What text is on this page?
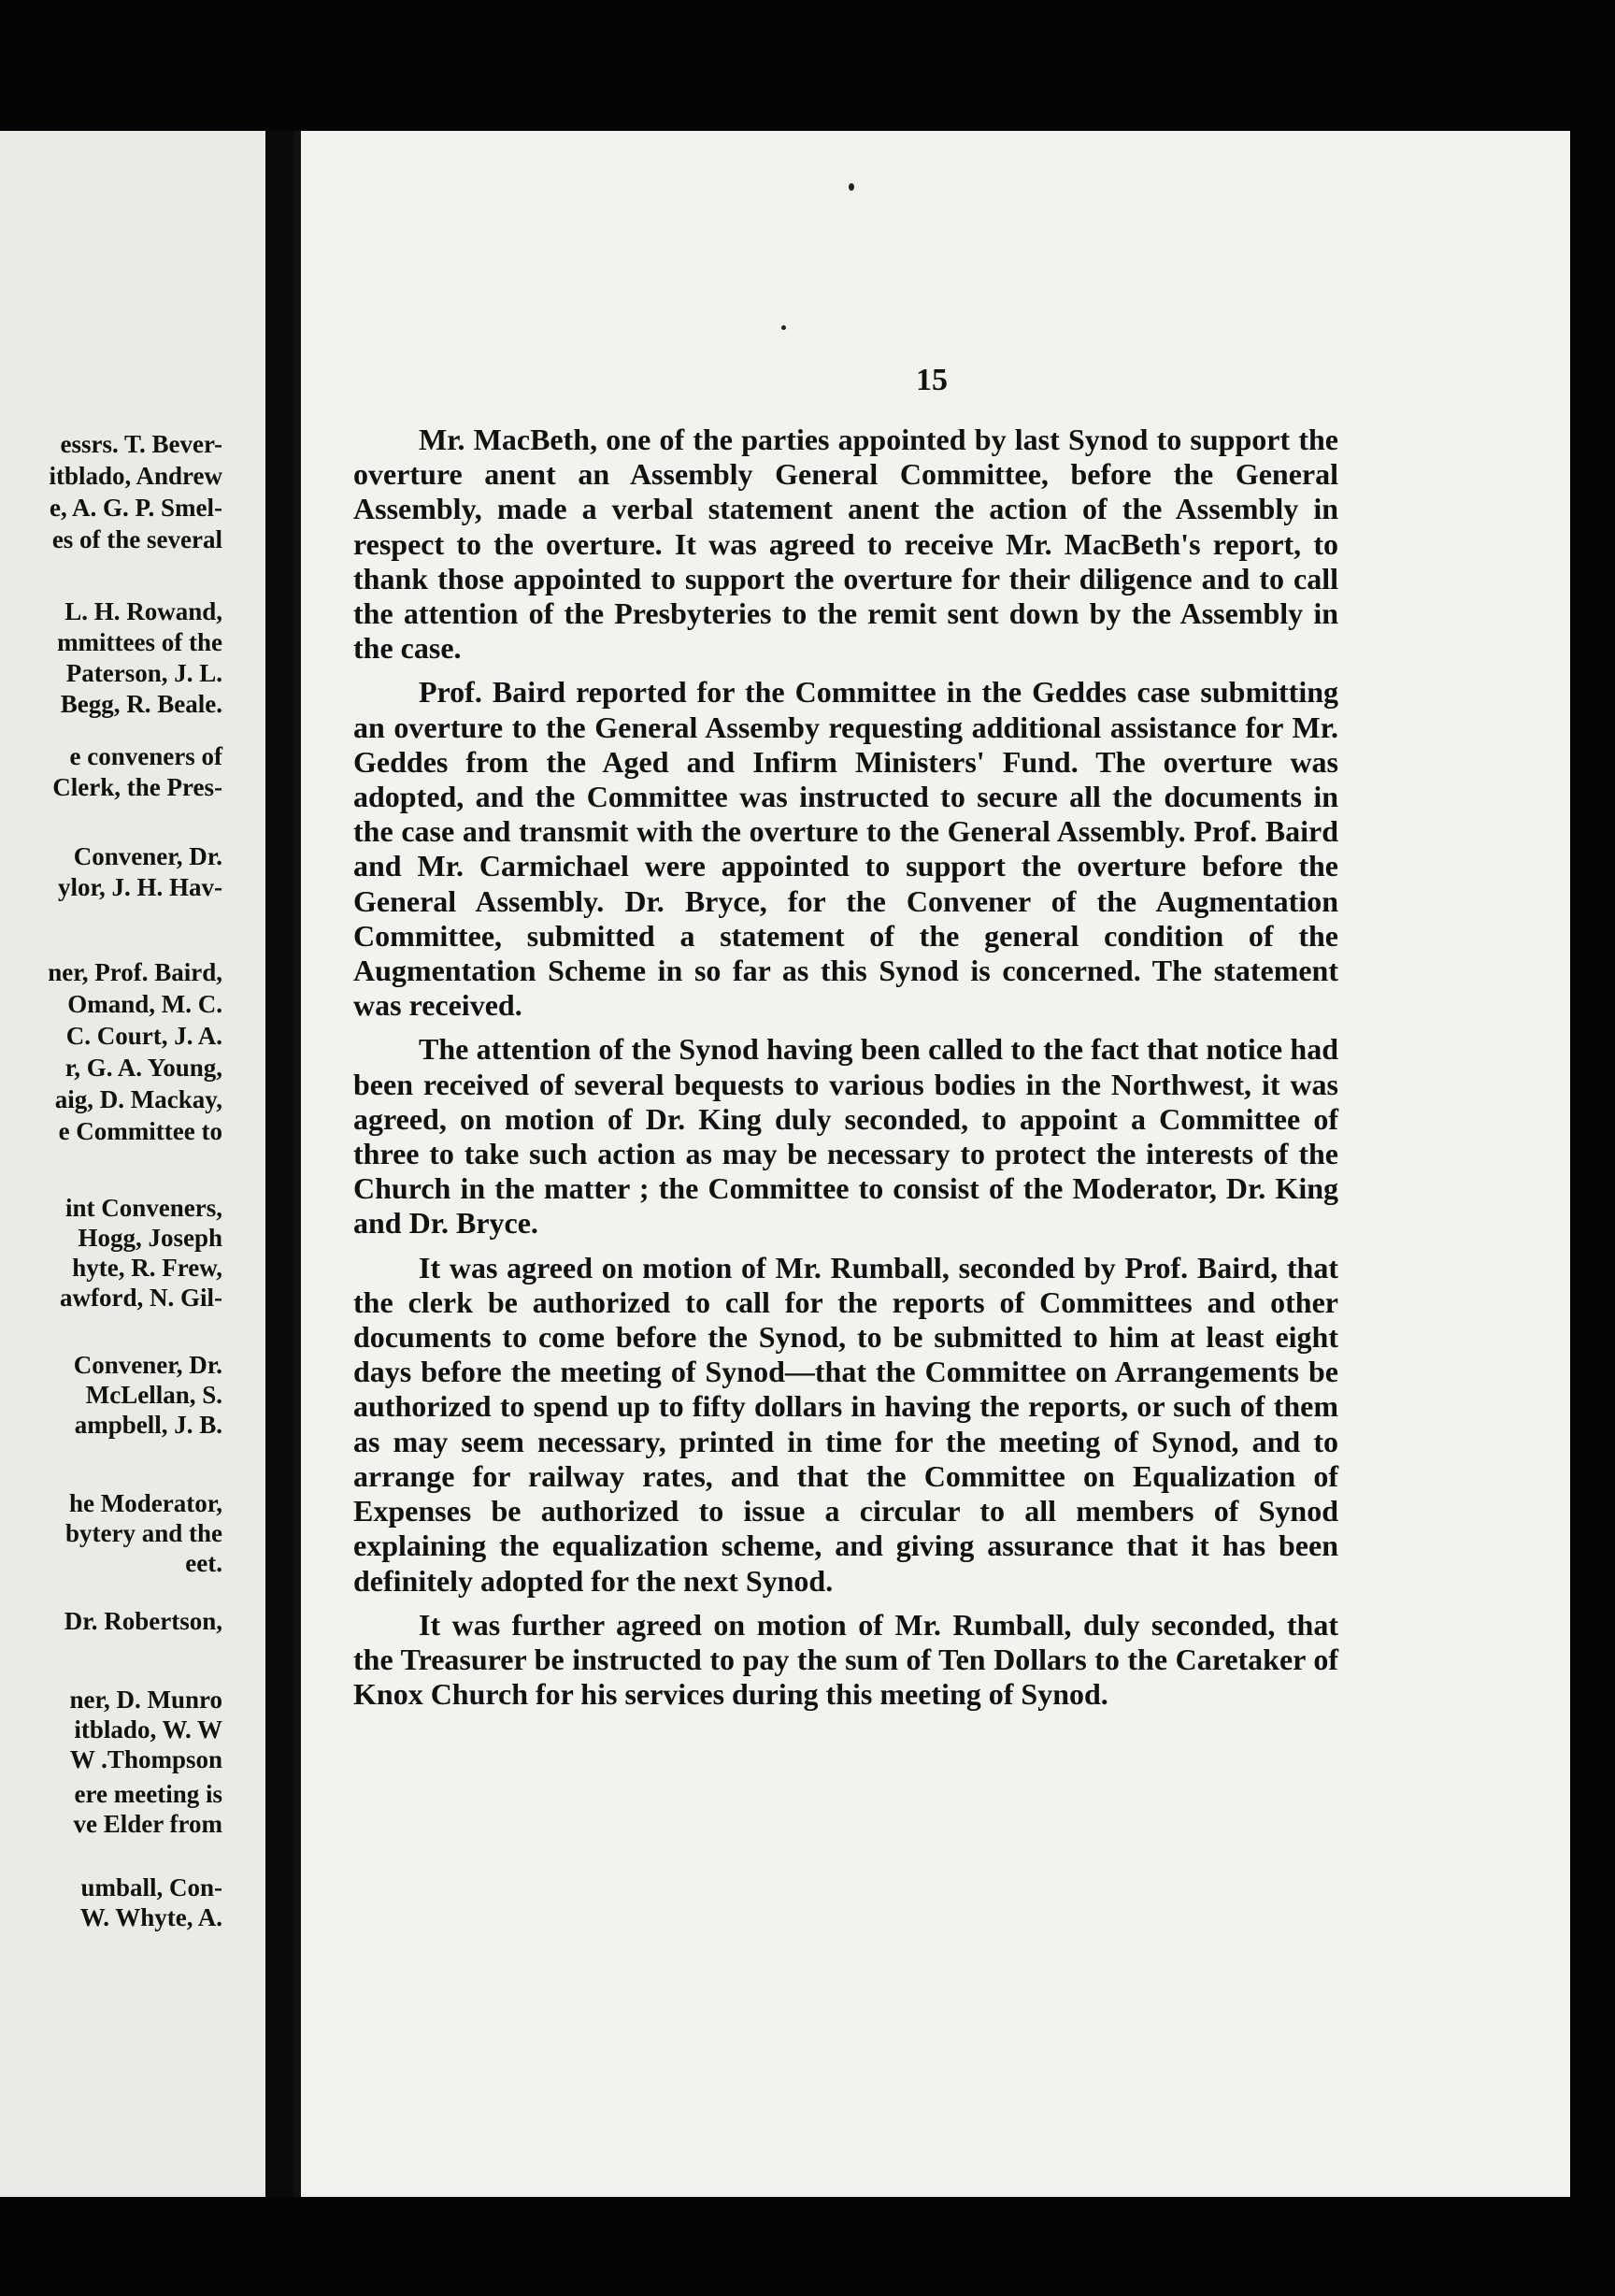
essrs. T. Bever-
itblado, Andrew
e, A. G. P. Smel-
es of the several
L. H. Rowand,
mmittees of the
Paterson, J. L.
Begg, R. Beale.
e conveners of
Clerk, the Pres-
Convener, Dr.
ylor, J. H. Hav-
ner, Prof. Baird,
Omand, M. C.
C. Court, J. A.
r, G. A. Young,
aig, D. Mackay,
e Committee to
int Conveners,
Hogg, Joseph
hyte, R. Frew,
awford, N. Gil-
Convener, Dr.
McLellan, S.
ampbell, J. B.
he Moderator,
bytery and the
eet.
Dr. Robertson,
ner, D. Munro
itblado, W. W
W .Thompson
ere meeting is
ve Elder from
umball, Con-
W. Whyte, A.
15

Mr. MacBeth, one of the parties appointed by last Synod to support the overture anent an Assembly General Committee, before the General Assembly, made a verbal statement anent the action of the Assembly in respect to the overture. It was agreed to receive Mr. MacBeth's report, to thank those appointed to support the overture for their diligence and to call the attention of the Presbyteries to the remit sent down by the Assembly in the case.

Prof. Baird reported for the Committee in the Geddes case submitting an overture to the General Assemby requesting additional assistance for Mr. Geddes from the Aged and Infirm Ministers' Fund. The overture was adopted, and the Committee was instructed to secure all the documents in the case and transmit with the overture to the General Assembly. Prof. Baird and Mr. Carmichael were appointed to support the overture before the General Assembly. Dr. Bryce, for the Convener of the Augmentation Committee, submitted a statement of the general condition of the Augmentation Scheme in so far as this Synod is concerned. The statement was received.

The attention of the Synod having been called to the fact that notice had been received of several bequests to various bodies in the Northwest, it was agreed, on motion of Dr. King duly seconded, to appoint a Committee of three to take such action as may be necessary to protect the interests of the Church in the matter ; the Committee to consist of the Moderator, Dr. King and Dr. Bryce.

It was agreed on motion of Mr. Rumball, seconded by Prof. Baird, that the clerk be authorized to call for the reports of Committees and other documents to come before the Synod, to be submitted to him at least eight days before the meeting of Synod—that the Committee on Arrangements be authorized to spend up to fifty dollars in having the reports, or such of them as may seem necessary, printed in time for the meeting of Synod, and to arrange for railway rates, and that the Committee on Equalization of Expenses be authorized to issue a circular to all members of Synod explaining the equalization scheme, and giving assurance that it has been definitely adopted for the next Synod.

It was further agreed on motion of Mr. Rumball, duly seconded, that the Treasurer be instructed to pay the sum of Ten Dollars to the Caretaker of Knox Church for his services during this meeting of Synod.
